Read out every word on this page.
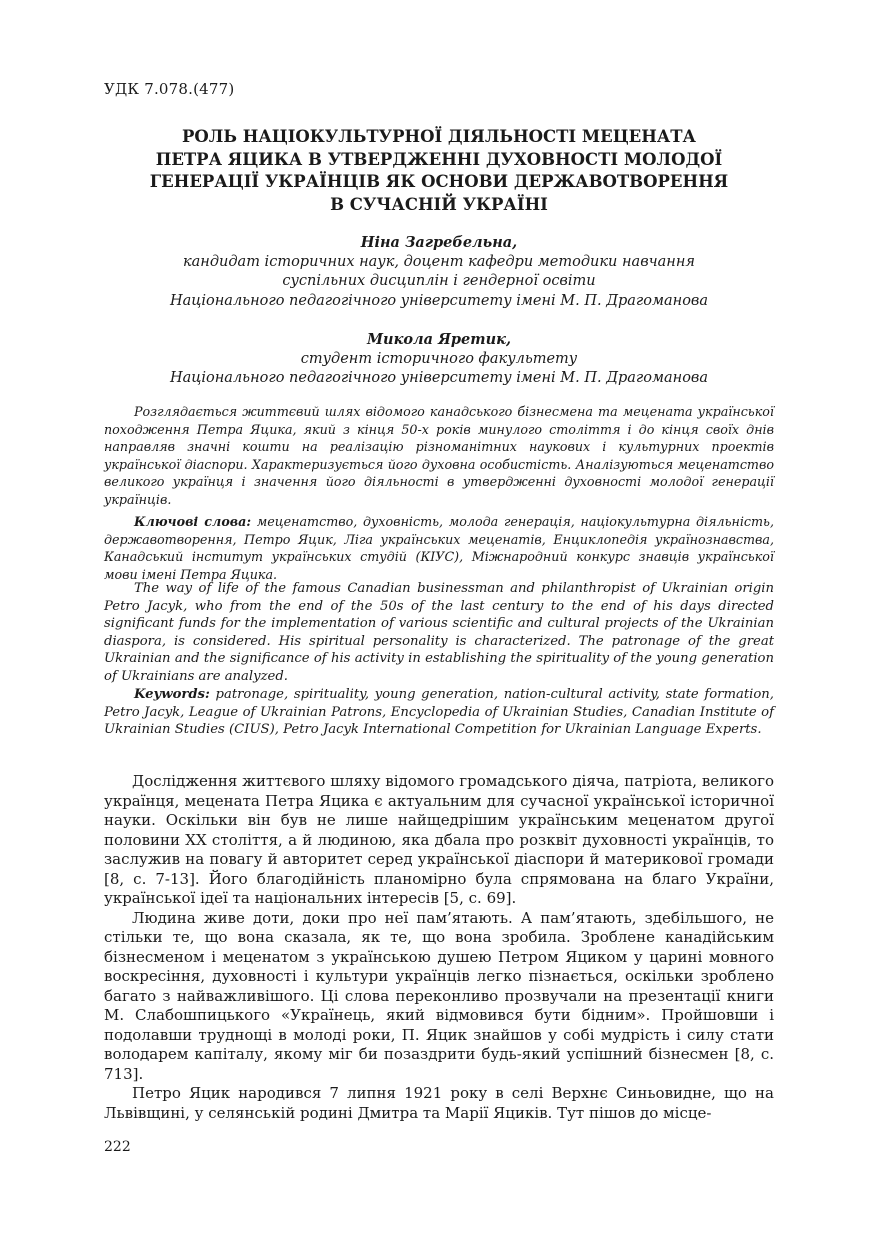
УДК 7.078.(477)
РОЛЬ НАЦІОКУЛЬТУРНОЇ ДІЯЛЬНОСТІ МЕЦЕНАТА
ПЕТРА ЯЦИКА В УТВЕРДЖЕННІ ДУХОВНОСТІ МОЛОДОЇ
ГЕНЕРАЦІЇ УКРАЇНЦІВ ЯК ОСНОВИ ДЕРЖАВОТВОРЕННЯ
В СУЧАСНІЙ УКРАЇНІ
Ніна Загребельна,
кандидат історичних наук, доцент кафедри методики навчання
суспільних дисциплін і гендерної освіти
Національного педагогічного університету імені М. П. Драгоманова
Микола Яретик,
студент історичного факультету
Національного педагогічного університету імені М. П. Драгоманова
Розглядається життєвий шлях відомого канадського бізнесмена та мецената української походження Петра Яцика, який з кінця 50-х років минулого століття і до кінця своїх днів направляв значні кошти на реалізацію різноманітних наукових і культурних проектів української діаспори. Характеризується його духовна особистість. Аналізуються меценатство великого українця і значення його діяльності в утвердженні духовності молодої генерації українців.
Ключові слова: меценатство, духовність, молода генерація, націокультурна діяльність, державотворення, Петро Яцик, Ліга українських меценатів, Енциклопедія українознавства, Канадський інститут українських студій (КІУС), Міжнародний конкурс знавців української мови імені Петра Яцика.
The way of life of the famous Canadian businessman and philanthropist of Ukrainian origin Petro Jacyk, who from the end of the 50s of the last century to the end of his days directed significant funds for the implementation of various scientific and cultural projects of the Ukrainian diaspora, is considered. His spiritual personality is characterized. The patronage of the great Ukrainian and the significance of his activity in establishing the spirituality of the young generation of Ukrainians are analyzed.
Keywords: patronage, spirituality, young generation, nation-cultural activity, state formation, Petro Jacyk, League of Ukrainian Patrons, Encyclopedia of Ukrainian Studies, Canadian Institute of Ukrainian Studies (CIUS), Petro Jacyk International Competition for Ukrainian Language Experts.

Дослідження життєвого шляху відомого громадського діяча, патріота, великого українця, мецената Петра Яцика є актуальним для сучасної української історичної науки. Оскільки він був не лише найщедрішим українським меценатом другої половини ХХ століття, а й людиною, яка дбала про розквіт духовності українців, то заслужив на повагу й авторитет серед української діаспори й материкової громади [8, с. 7-13]. Його благодійність планомірно була спрямована на благо України, української ідеї та національних інтересів [5, с. 69].

Людина живе доти, доки про неї пам’ятають. А пам’ятають, здебільшого, не стільки те, що вона сказала, як те, що вона зробила. Зроблене канадійським бізнесменом і меценатом з українською душею Петром Яциком у царині мовного воскресіння, духовності і культури українців легко пізнається, оскільки зроблено багато з найважливішого. Ці слова переконливо прозвучали на презентації книги М. Слабошпицького «Українець, який відмовився бути бідним». Пройшовши і подолавши труднощі в молоді роки, П. Яцик знайшов у собі мудрість і силу стати володарем капіталу, якому міг би позаздрити будь-який успішний бізнесмен [8, с. 713].

Петро Яцик народився 7 липня 1921 року в селі Верхнє Синьовидне, що на Львівщині, у селянській родині Дмитра та Марії Яциків. Тут пішов до місце-

222
